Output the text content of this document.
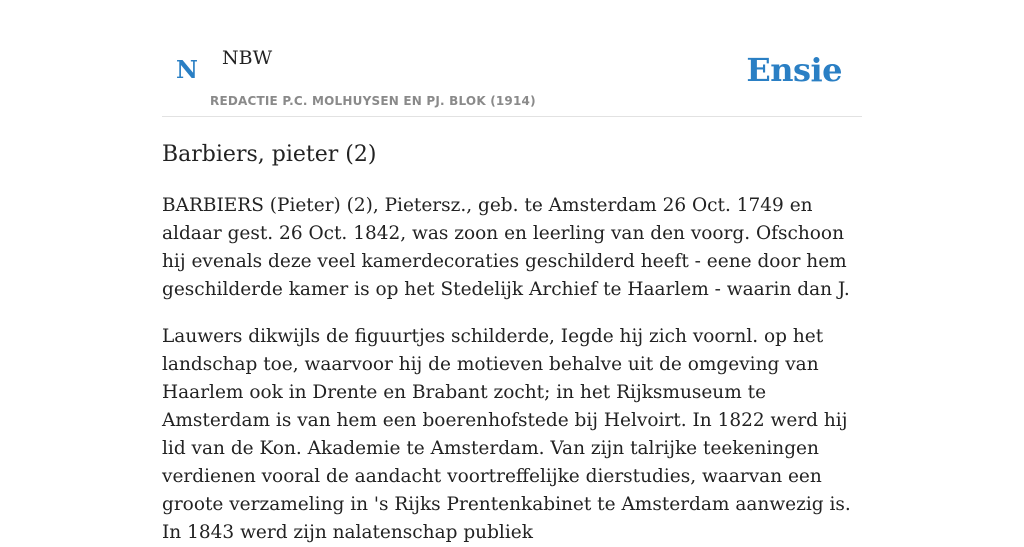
N NBW
REDACTIE P.C. MOLHUYSEN EN PJ. BLOK (1914)
Ensie
Barbiers, pieter (2)

BARBIERS (Pieter) (2), Pietersz., geb. te Amsterdam 26 Oct. 1749 en aldaar gest. 26 Oct. 1842, was zoon en leerling van den voorg. Ofschoon hij evenals deze veel kamerdecoraties geschilderd heeft - eene door hem geschilderde kamer is op het Stedelijk Archief te Haarlem - waarin dan J.

Lauwers dikwijls de figuurtjes schilderde, Iegde hij zich voornl. op het landschap toe, waarvoor hij de motieven behalve uit de omgeving van Haarlem ook in Drente en Brabant zocht; in het Rijksmuseum te Amsterdam is van hem een boerenhofstede bij Helvoirt. In 1822 werd hij lid van de Kon. Akademie te Amsterdam. Van zijn talrijke teekeningen verdienen vooral de aandacht voortreffelijke dierstudies, waarvan een groote verzameling in 's Rijks Prentenkabinet te Amsterdam aanwezig is. In 1843 werd zijn nalatenschap publiek
